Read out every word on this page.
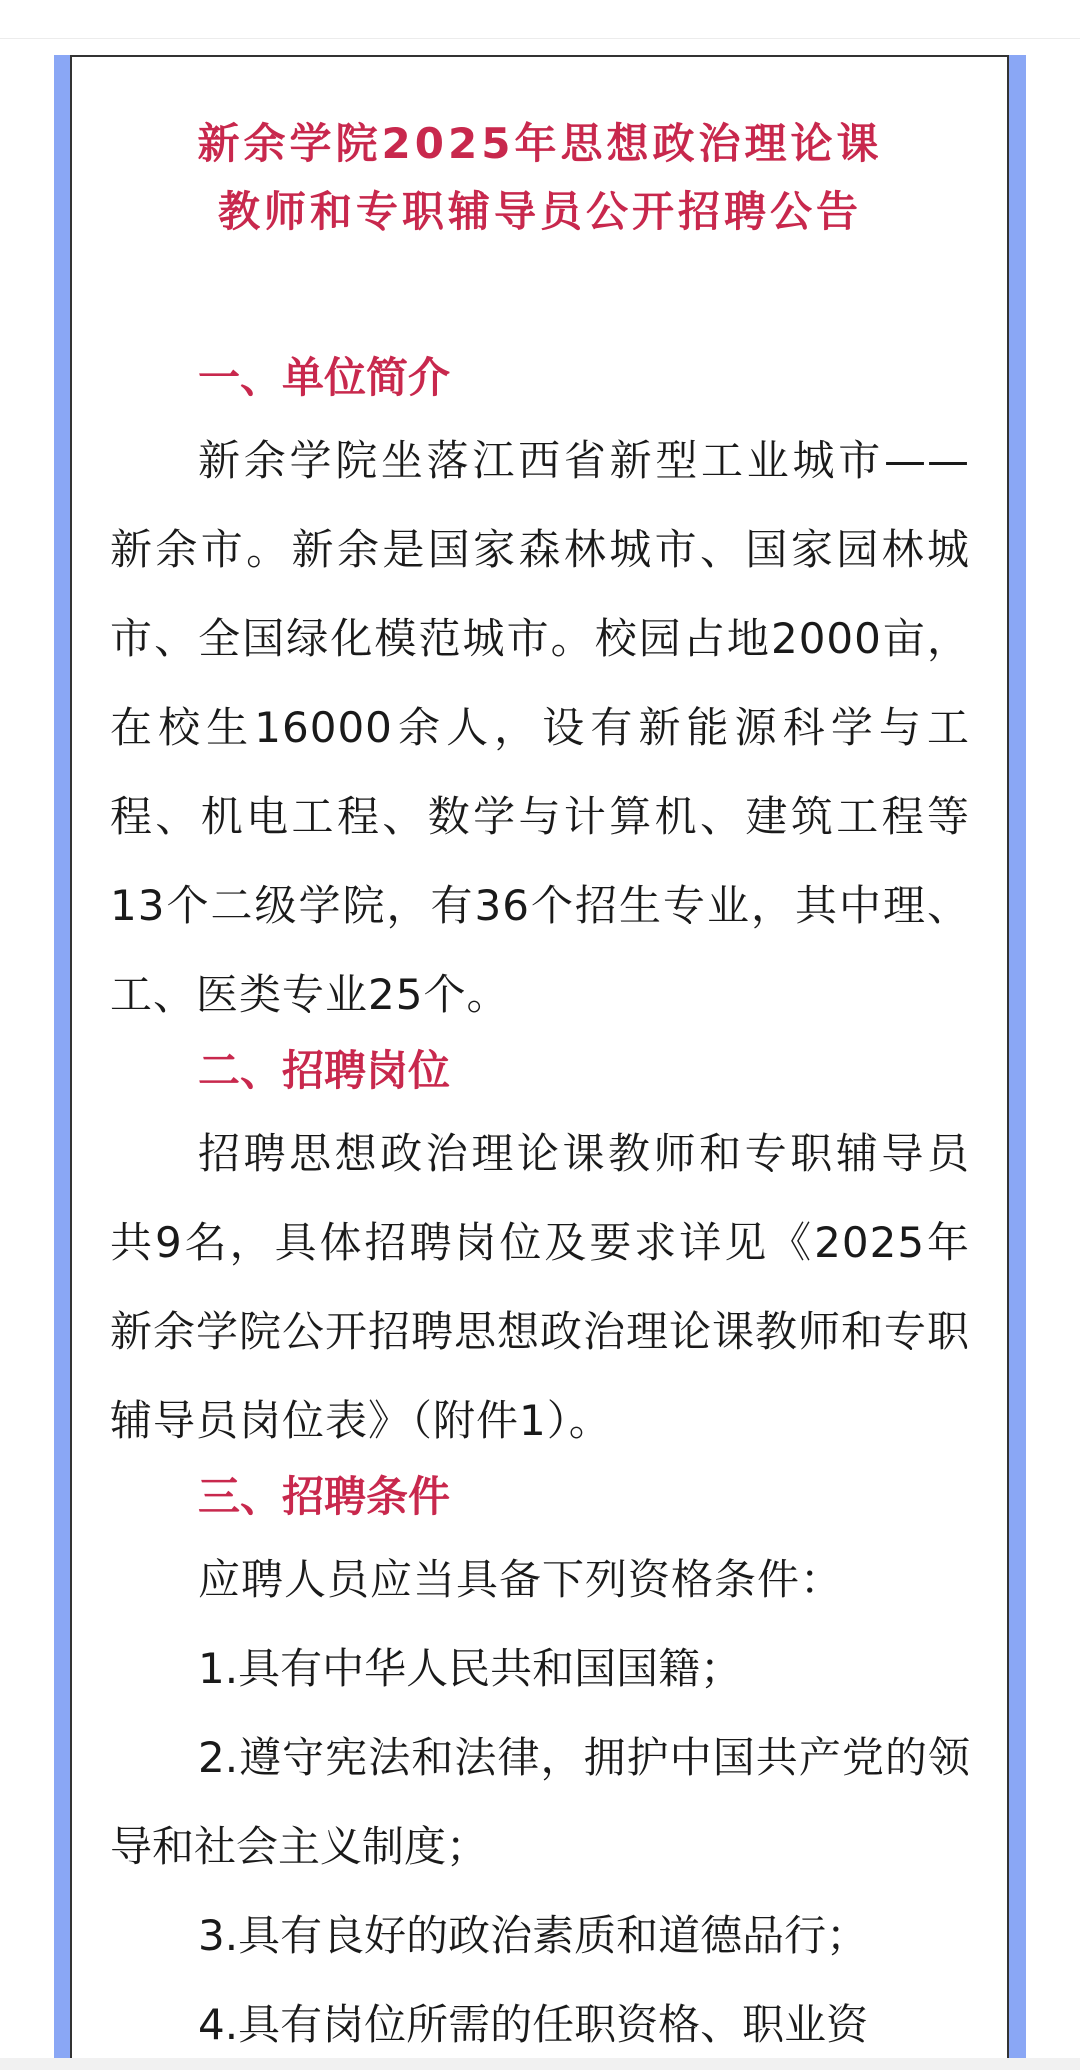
新余学院2025年思想政治理论课

教师和专职辅导员公开招聘公告

一、单位简介

新余学院坐落江西省新型工业城市——新余市。新余是国家森林城市、国家园林城市、全国绿化模范城市。校园占地2000亩，在校生16000余人，设有新能源科学与工程、机电工程、数学与计算机、建筑工程等13个二级学院，有36个招生专业，其中理、工、医类专业25个。

二、招聘岗位

招聘思想政治理论课教师和专职辅导员共9名，具体招聘岗位及要求详见《2025年新余学院公开招聘思想政治理论课教师和专职辅导员岗位表》（附件1）。

三、招聘条件

应聘人员应当具备下列资格条件：

1.具有中华人民共和国国籍；

2.遵守宪法和法律，拥护中国共产党的领导和社会主义制度；

3.具有良好的政治素质和道德品行；

4.具有岗位所需的任职资格、职业资
